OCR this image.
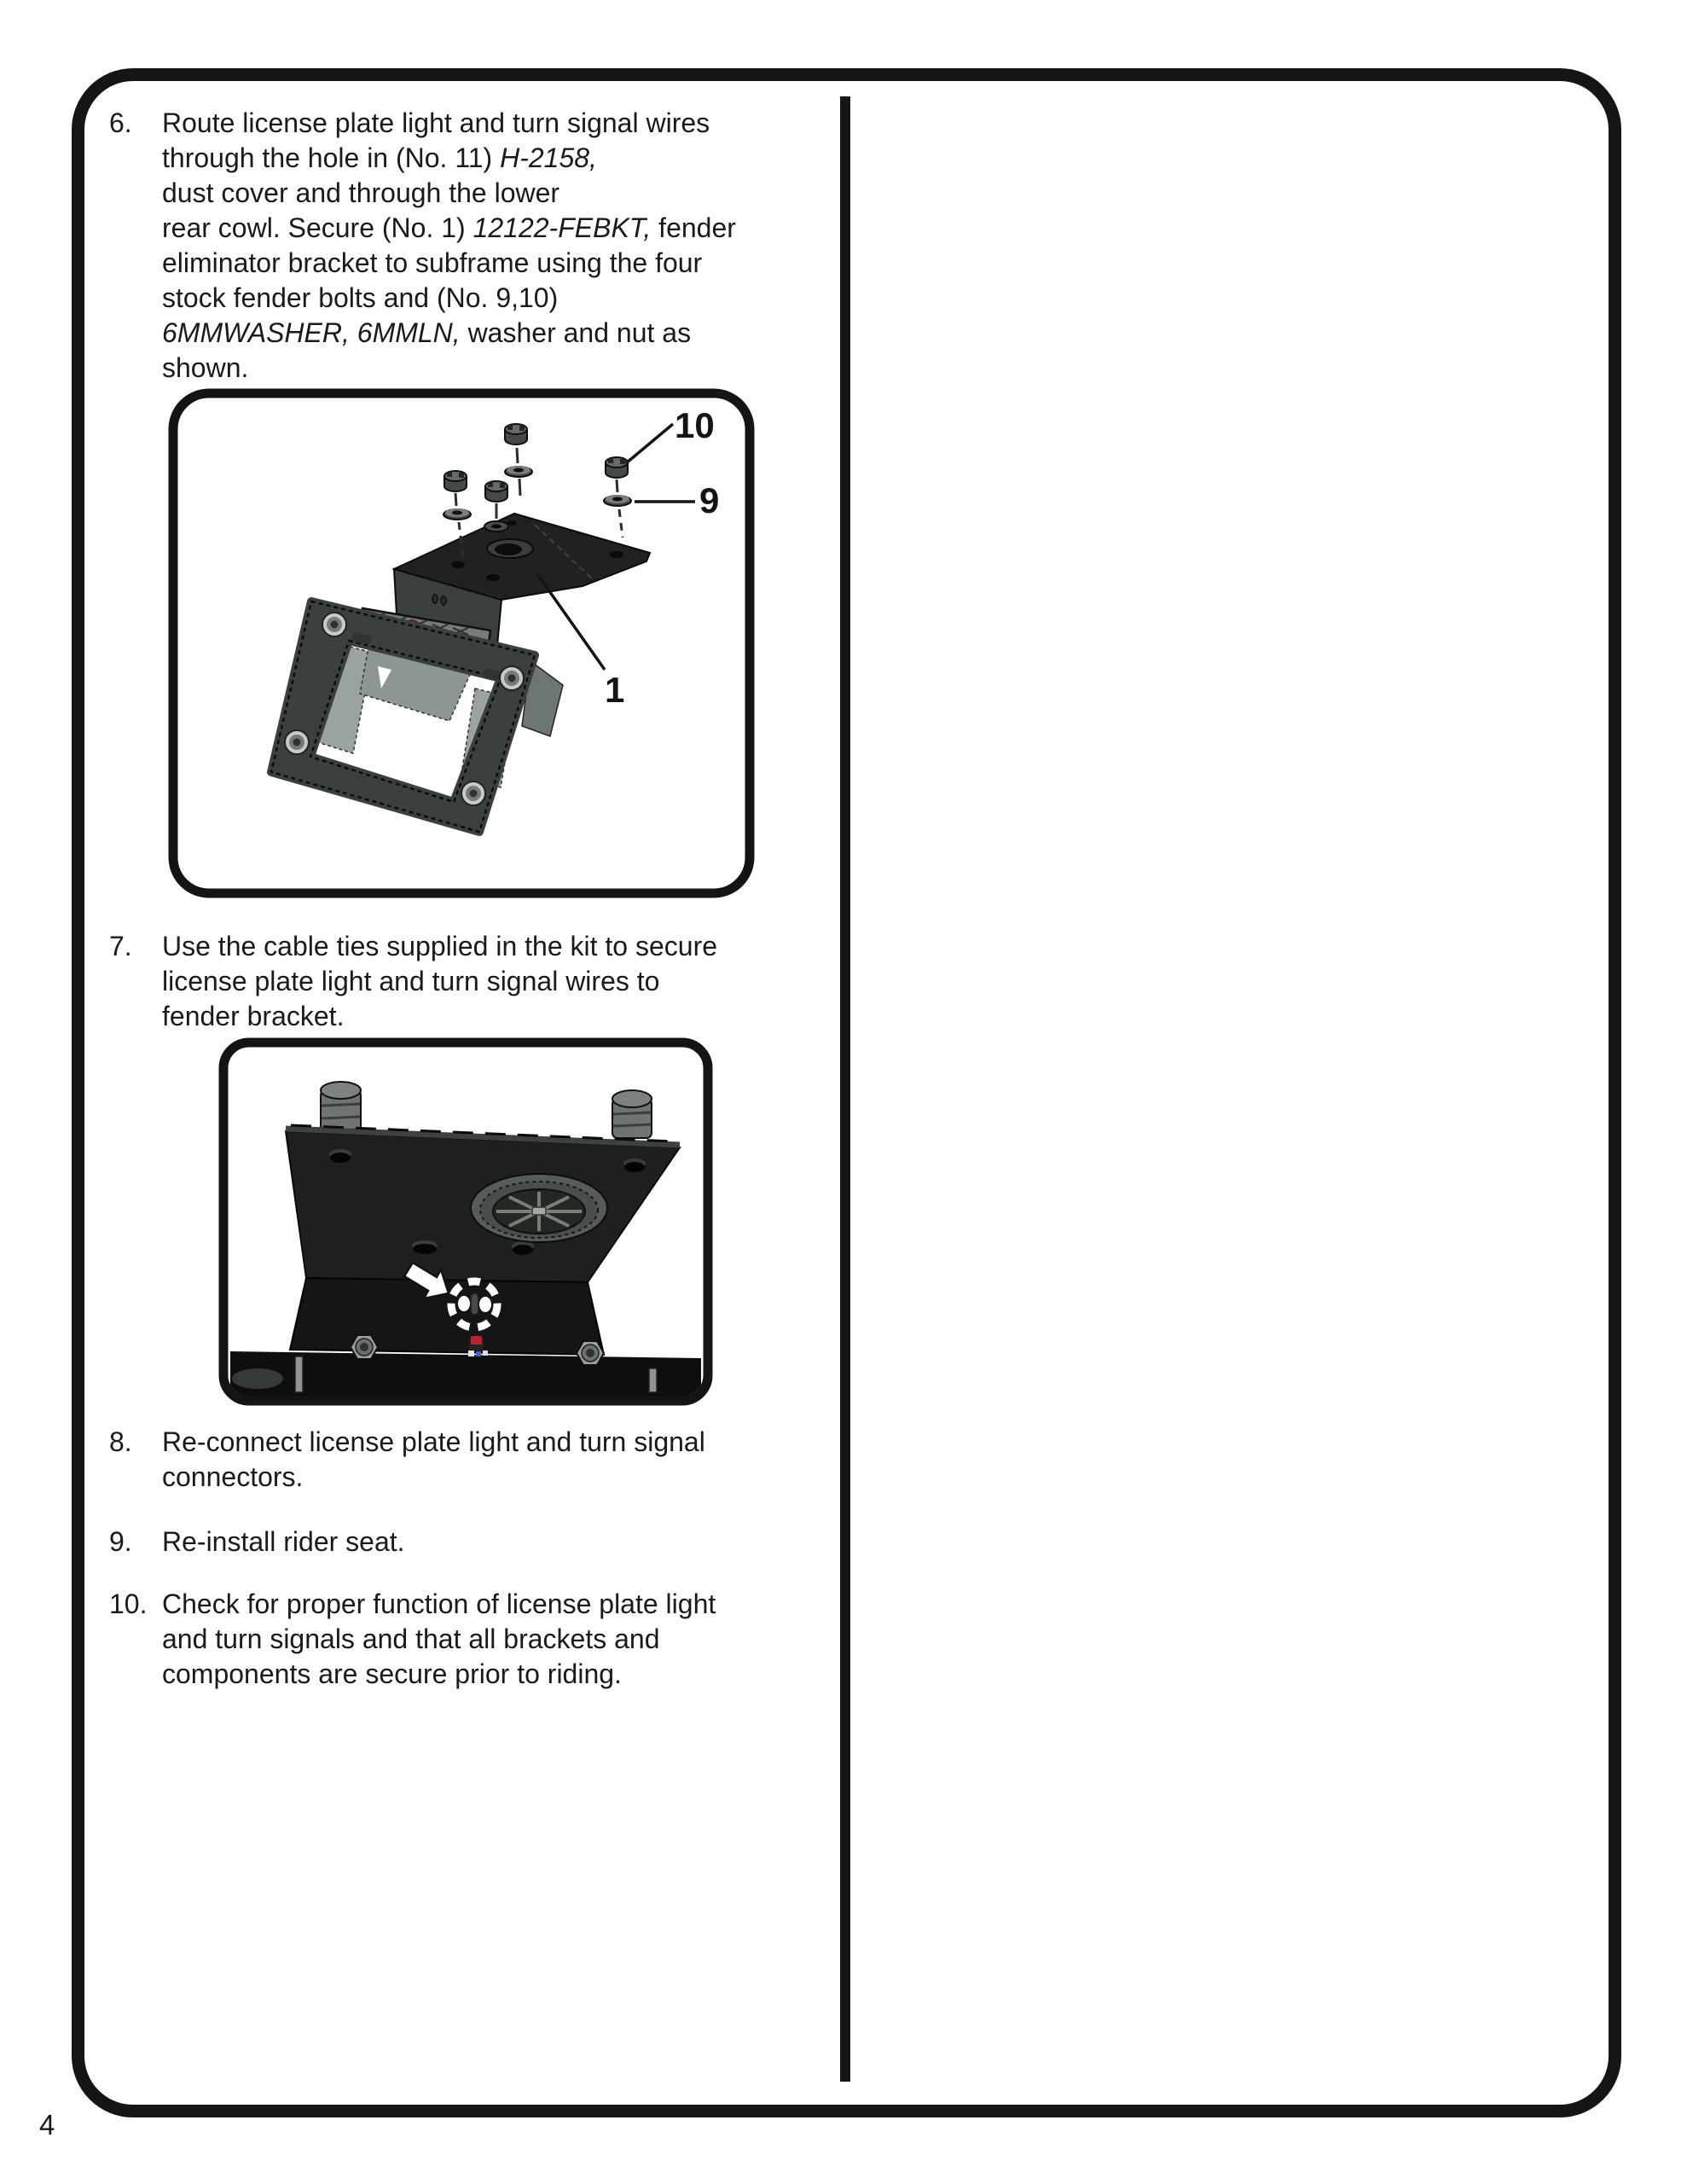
6.	Route license plate light and turn signal wires
through the hole in (No. 11) H-2158,
dust cover and through the lower
rear cowl. Secure (No. 1) 12122-FEBKT, fender
eliminator bracket to subframe using the four
stock fender bolts and (No. 9,10)
6MMWASHER, 6MMLN, washer and nut as
shown.
10
9
1
7.	Use the cable ties supplied in the kit to secure
license plate light and turn signal wires to
fender bracket.
8.	Re-connect license plate light and turn signal
connectors.
9.	Re-install rider seat.
10. Check for proper function of license plate light
and turn signals and that all brackets and
components are secure prior to riding.
4
